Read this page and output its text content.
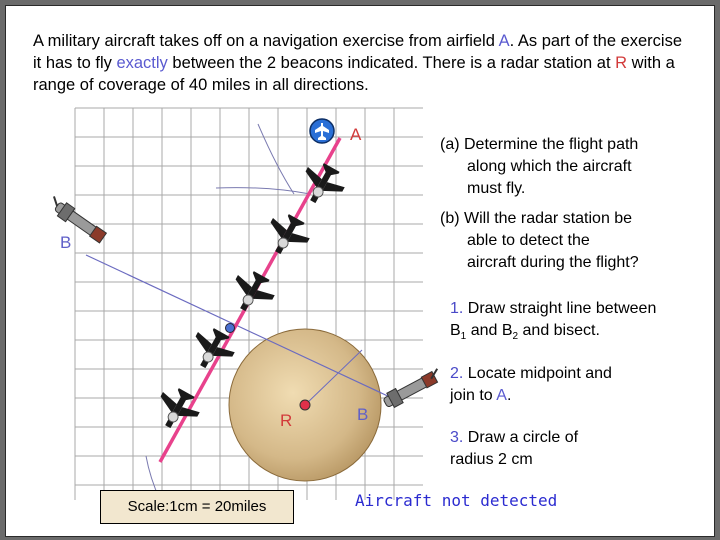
A military aircraft takes off on a navigation exercise from airfield A. As part of the exercise it has to fly exactly between the 2 beacons indicated. There is a radar station at R with a range of coverage of 40 miles in all directions.
A
B
B
R
(a) Determine the flight path
along which the aircraft
must fly.
(b) Will the radar station be
able to detect the
aircraft during the flight?
1. Draw straight line between
$B_1$ and $B_2$ and bisect.
2. Locate midpoint and
join to A.
3. Draw a circle of
radius 2 cm
Scale:1cm = 20miles	Aircraft not detected
